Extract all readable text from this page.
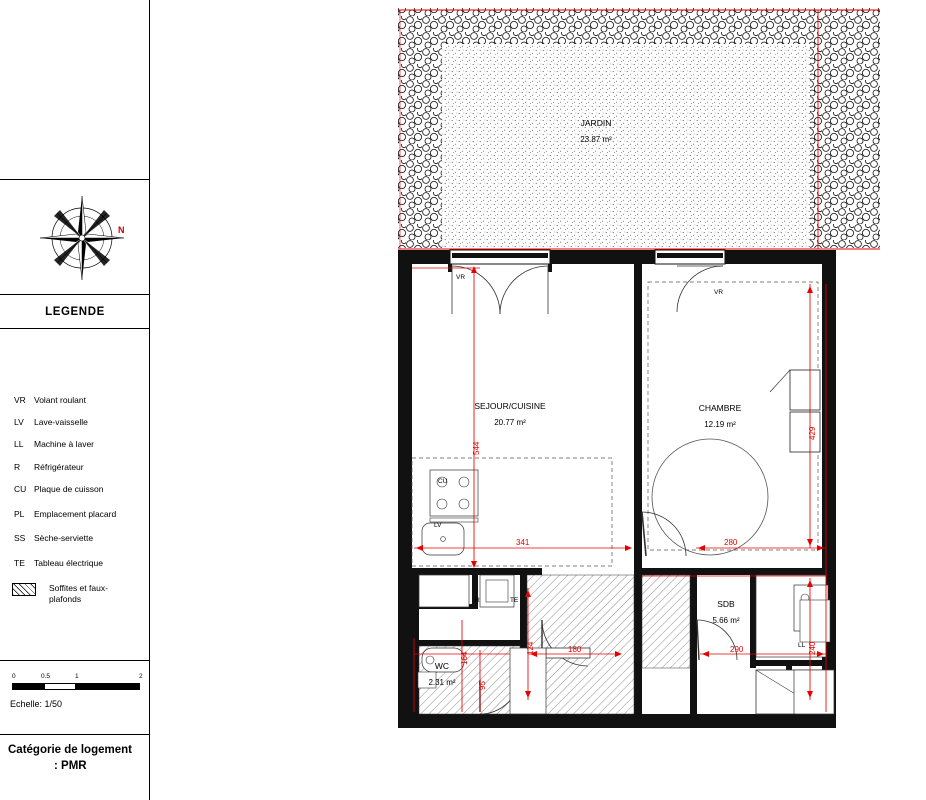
N
LEGENDE
VR Volant roulant
LV	Lave-vaisselle
LL	Machine à laver
R	Réfrigérateur
CU Plaque de cuisson
PL	Emplacement placard
SS	Sèche-serviette
TE	Tableau électrique
Soffites et faux-plafonds
0	0.5	1	2
Echelle: 1/50
Catégorie de logement
: PMR
JARDIN
23.87 m²
SEJOUR/CUISINE
20.77 m²
CHAMBRE
12.19 m²
SDB
5.66 m²
WC
2.31 m²
VR
VR
CU
LV
R	TE
LL
544
429
341	280
124	180	240
290
164
95
